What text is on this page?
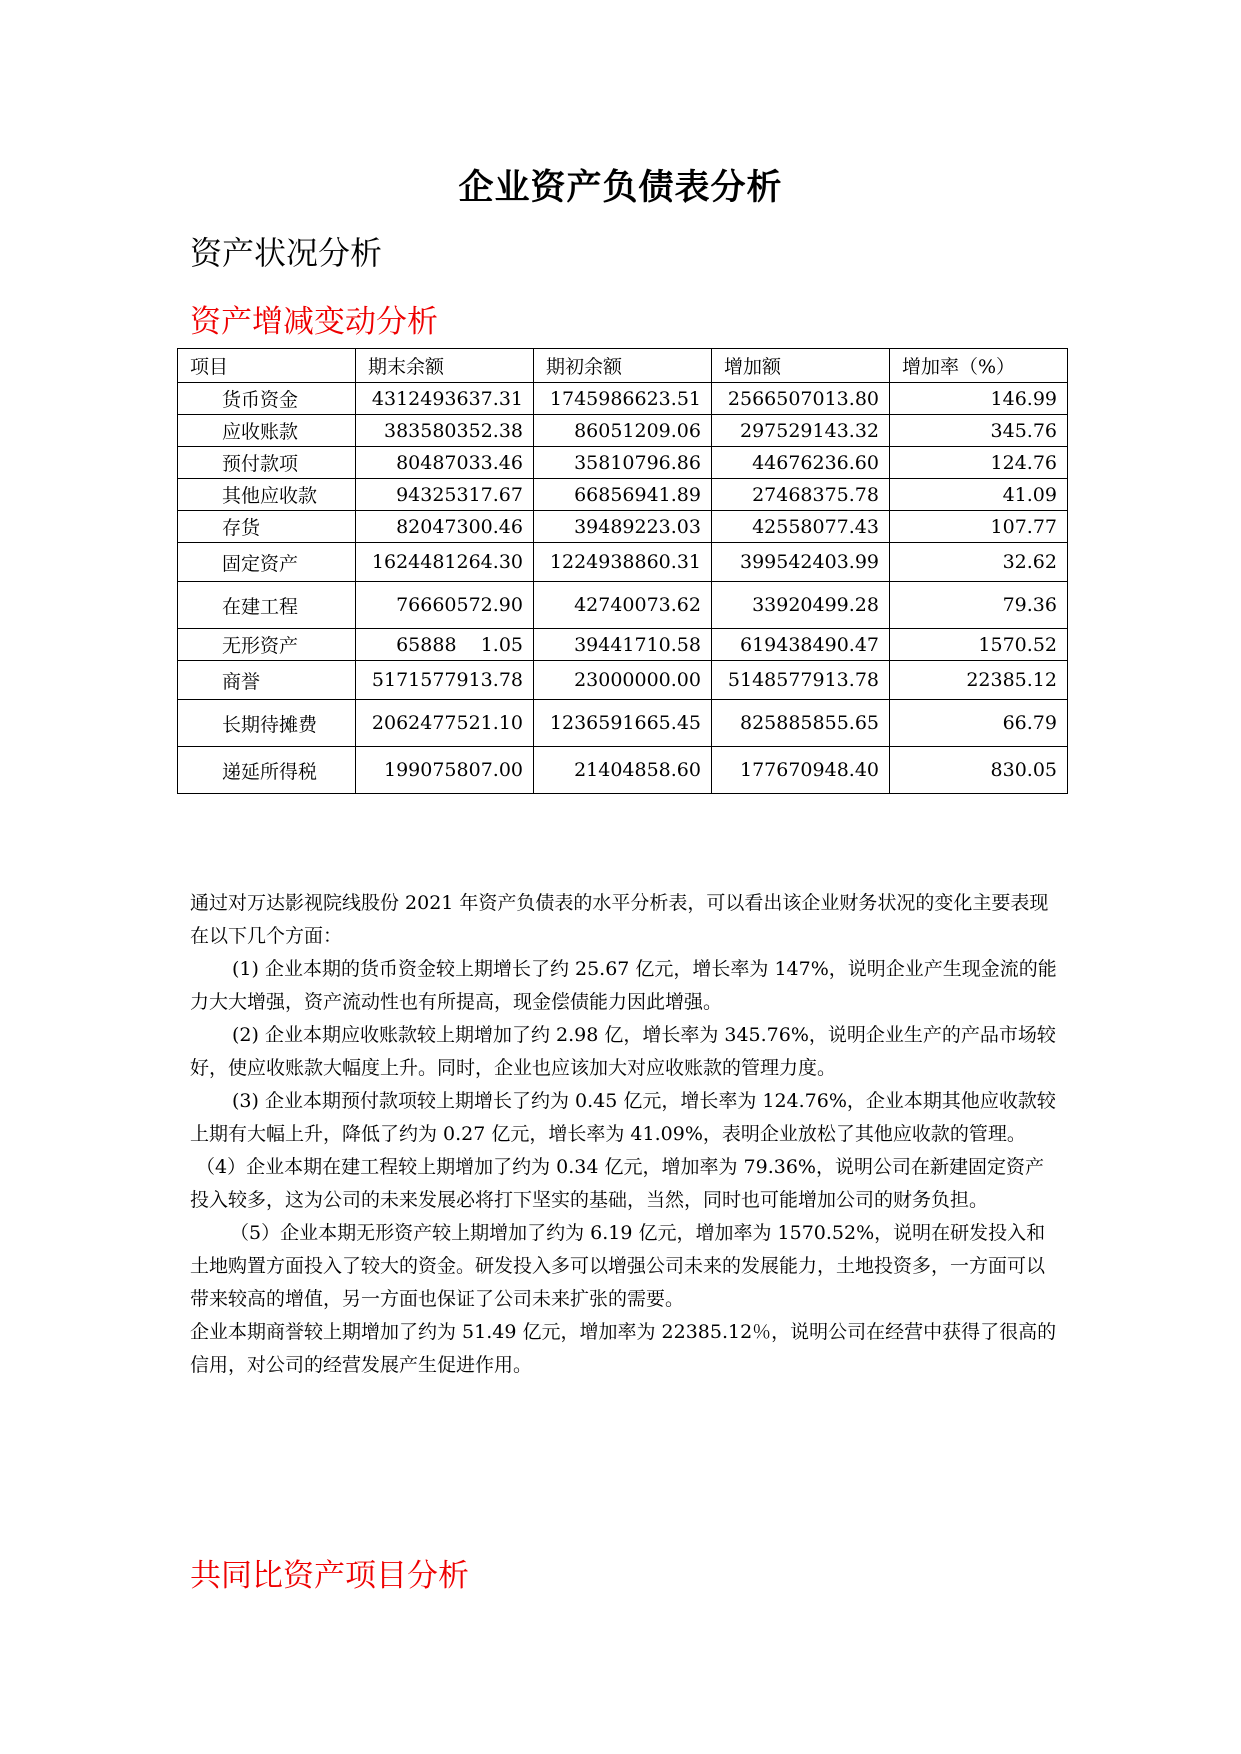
企业资产负债表分析
资产状况分析
资产增减变动分析
项目	期末余额	期初余额	增加额	增加率（%）
货币资金	4312493637.31	1745986623.51	2566507013.80	146.99
应收账款	383580352.38	86051209.06	297529143.32	345.76
预付款项	80487033.46	35810796.86	44676236.60	124.76
其他应收款	94325317.67	66856941.89	27468375.78	41.09
存货	82047300.46	39489223.03	42558077.43	107.77
固定资产	1624481264.30	1224938860.31	399542403.99	32.62
在建工程	76660572.90	42740073.62	33920499.28	79.36
无形资产	65888    1.05	39441710.58	619438490.47	1570.52
商誉	5171577913.78	23000000.00	5148577913.78	22385.12
长期待摊费	2062477521.10	1236591665.45	825885855.65	66.79
递延所得税	199075807.00	21404858.60	177670948.40	830.05

通过对万达影视院线股份 2021 年资产负债表的水平分析表，可以看出该企业财务状况的变化主要表现在以下几个方面：

(1) 企业本期的货币资金较上期增长了约 25.67 亿元，增长率为 147%，说明企业产生现金流的能力大大增强，资产流动性也有所提高，现金偿债能力因此增强。

(2) 企业本期应收账款较上期增加了约 2.98 亿，增长率为 345.76%，说明企业生产的产品市场较好，使应收账款大幅度上升。同时，企业也应该加大对应收账款的管理力度。

(3) 企业本期预付款项较上期增长了约为 0.45 亿元，增长率为 124.76%，企业本期其他应收款较上期有大幅上升，降低了约为 0.27 亿元，增长率为 41.09%，表明企业放松了其他应收款的管理。

（4）企业本期在建工程较上期增加了约为 0.34 亿元，增加率为 79.36%，说明公司在新建固定资产投入较多，这为公司的未来发展必将打下坚实的基础，当然，同时也可能增加公司的财务负担。

（5）企业本期无形资产较上期增加了约为 6.19 亿元，增加率为 1570.52%，说明在研发投入和土地购置方面投入了较大的资金。研发投入多可以增强公司未来的发展能力，土地投资多，一方面可以带来较高的增值，另一方面也保证了公司未来扩张的需要。

企业本期商誉较上期增加了约为 51.49 亿元，增加率为 22385.12％，说明公司在经营中获得了很高的信用，对公司的经营发展产生促进作用。

共同比资产项目分析
